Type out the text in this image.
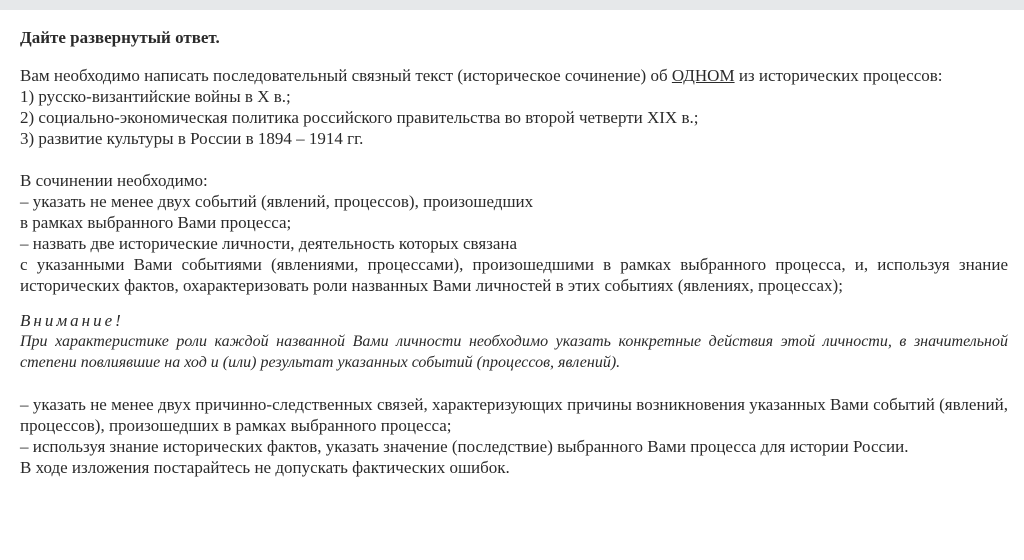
Дайте развернутый ответ.

Вам необходимо написать последовательный связный текст (историческое сочинение) об ОДНОМ из исторических процессов:
1) русско-византийские войны в X в.;
2) социально-экономическая политика российского правительства во второй четверти XIX в.;
3) развитие культуры в России в 1894 – 1914 гг.

В сочинении необходимо:
– указать не менее двух событий (явлений, процессов), произошедших
в рамках выбранного Вами процесса;
– назвать две исторические личности, деятельность которых связана
с указанными Вами событиями (явлениями, процессами), произошедшими в рамках выбранного процесса, и, используя знание исторических фактов, охарактеризовать роли названных Вами личностей в этих событиях (явлениях, процессах);

Внимание!
При характеристике роли каждой названной Вами личности необходимо указать конкретные действия этой личности, в значительной степени повлиявшие на ход и (или) результат указанных событий (процессов, явлений).

– указать не менее двух причинно-следственных связей, характеризующих причины возникновения указанных Вами событий (явлений, процессов), произошедших в рамках выбранного процесса;
– используя знание исторических фактов, указать значение (последствие) выбранного Вами процесса для истории России.
В ходе изложения постарайтесь не допускать фактических ошибок.
